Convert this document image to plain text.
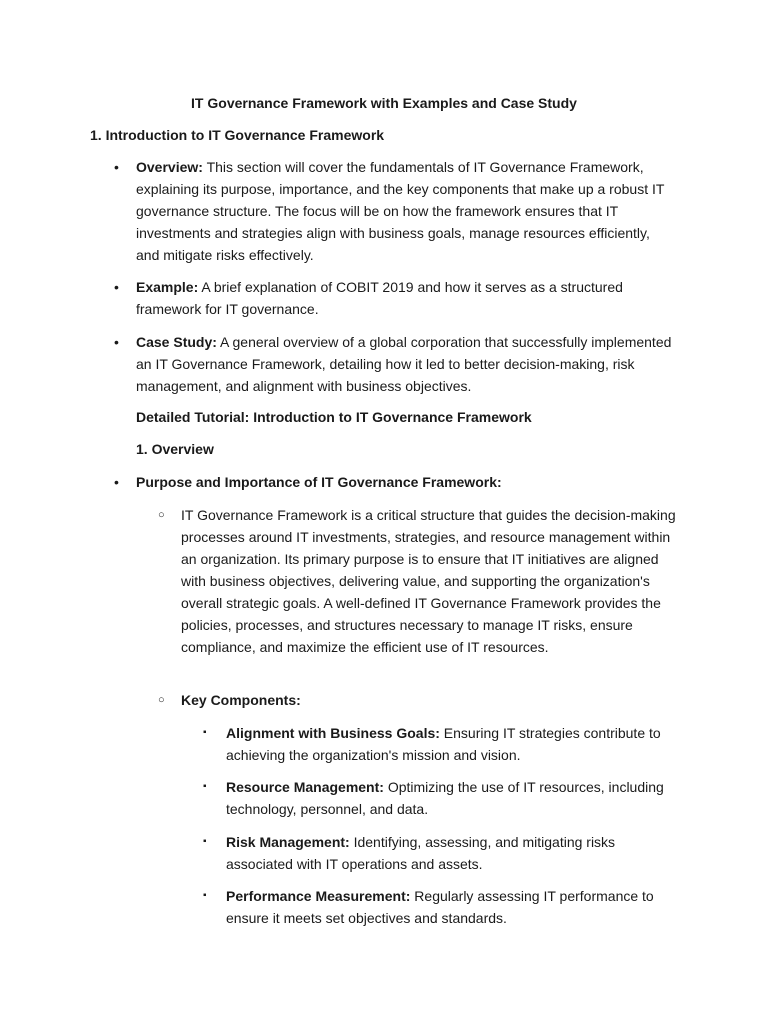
IT Governance Framework with Examples and Case Study
1. Introduction to IT Governance Framework
• Overview: This section will cover the fundamentals of IT Governance Framework, explaining its purpose, importance, and the key components that make up a robust IT governance structure. The focus will be on how the framework ensures that IT investments and strategies align with business goals, manage resources efficiently, and mitigate risks effectively.
• Example: A brief explanation of COBIT 2019 and how it serves as a structured framework for IT governance.
• Case Study: A general overview of a global corporation that successfully implemented an IT Governance Framework, detailing how it led to better decision-making, risk management, and alignment with business objectives.
Detailed Tutorial: Introduction to IT Governance Framework
1. Overview
• Purpose and Importance of IT Governance Framework:
○ IT Governance Framework is a critical structure that guides the decision-making processes around IT investments, strategies, and resource management within an organization. Its primary purpose is to ensure that IT initiatives are aligned with business objectives, delivering value, and supporting the organization's overall strategic goals. A well-defined IT Governance Framework provides the policies, processes, and structures necessary to manage IT risks, ensure compliance, and maximize the efficient use of IT resources.
○ Key Components:
▪ Alignment with Business Goals: Ensuring IT strategies contribute to achieving the organization's mission and vision.
▪ Resource Management: Optimizing the use of IT resources, including technology, personnel, and data.
▪ Risk Management: Identifying, assessing, and mitigating risks associated with IT operations and assets.
▪ Performance Measurement: Regularly assessing IT performance to ensure it meets set objectives and standards.
